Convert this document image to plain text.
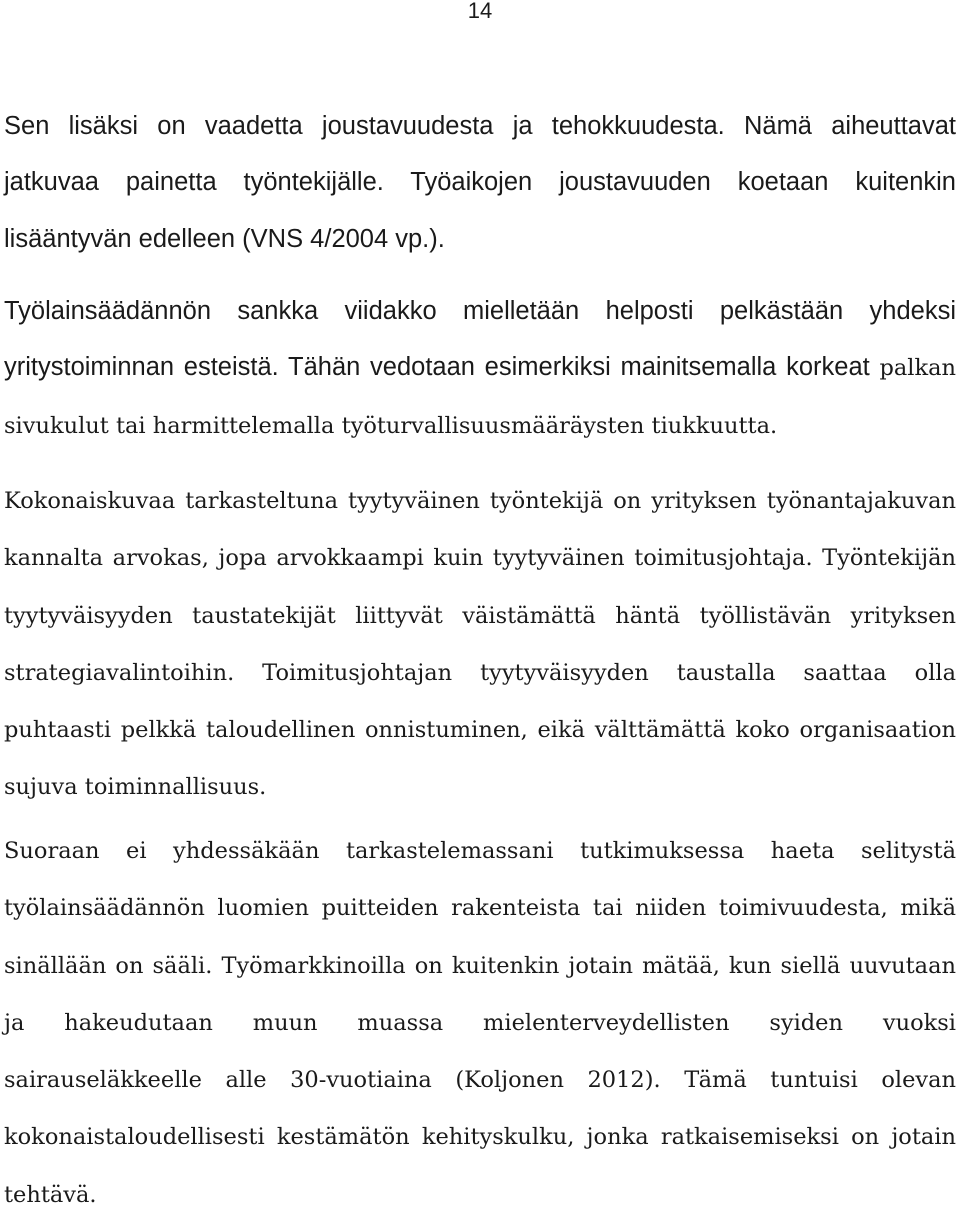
14

Sen lisäksi on vaadetta joustavuudesta ja tehokkuudesta. Nämä aiheuttavat jatkuvaa painetta työntekijälle. Työaikojen joustavuuden koetaan kuitenkin lisääntyvän edelleen (VNS 4/2004 vp.).

Työlainsäädännön sankka viidakko mielletään helposti pelkästään yhdeksi yritystoiminnan esteistä. Tähän vedotaan esimerkiksi mainitsemalla korkeat palkan sivukulut tai harmittelemalla työturvallisuusmääräysten tiukkuutta.

Kokonaiskuvaa tarkasteltuna tyytyväinen työntekijä on yrityksen työnantajakuvan kannalta arvokas, jopa arvokkaampi kuin tyytyväinen toimitusjohtaja. Työntekijän tyytyväisyyden taustatekijät liittyvät väistämättä häntä työllistävän yrityksen strategiavalintoihin. Toimitusjohtajan tyytyväisyyden taustalla saattaa olla puhtaasti pelkkä taloudellinen onnistuminen, eikä välttämättä koko organisaation sujuva toiminnallisuus.

Suoraan ei yhdessäkään tarkastelemassani tutkimuksessa haeta selitystä työlainsäädännön luomien puitteiden rakenteista tai niiden toimivuudesta, mikä sinällään on sääli. Työmarkkinoilla on kuitenkin jotain mätää, kun siellä uuvutaan ja hakeudutaan muun muassa mielenterveydellisten syiden vuoksi sairauseläkkeelle alle 30-vuotiaina (Koljonen 2012). Tämä tuntuisi olevan kokonaistaloudellisesti kestämätön kehityskulku, jonka ratkaisemiseksi on jotain tehtävä.
